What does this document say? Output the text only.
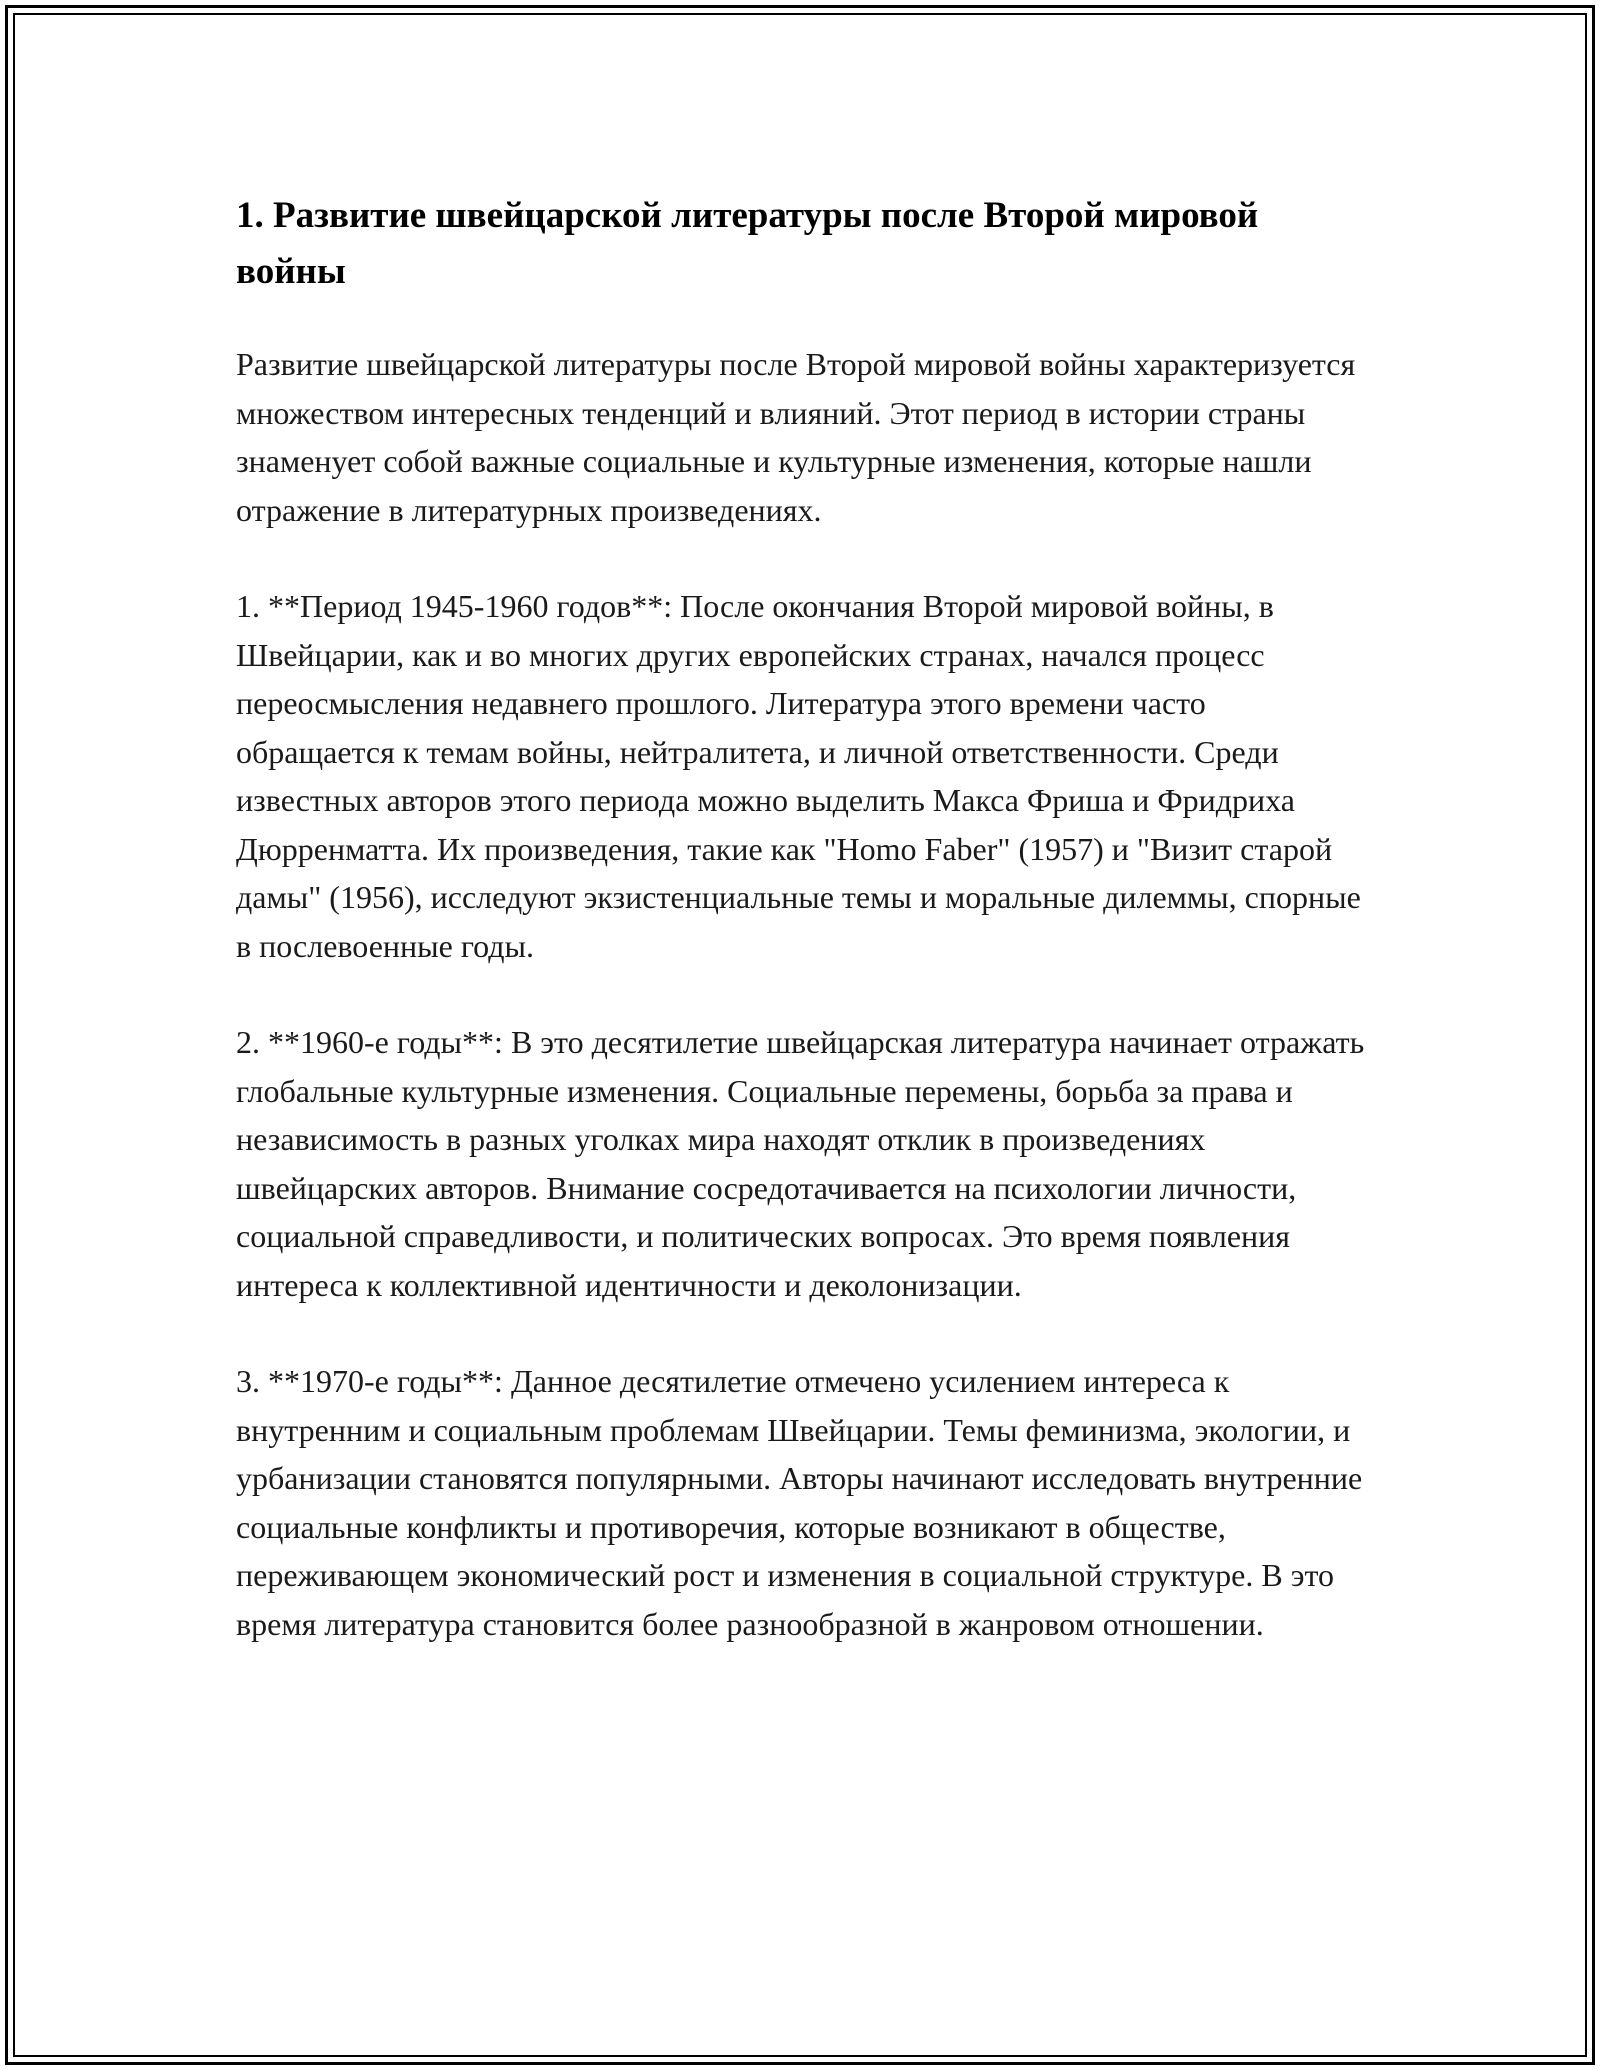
1. Развитие швейцарской литературы после Второй мировой войны

Развитие швейцарской литературы после Второй мировой войны характеризуется множеством интересных тенденций и влияний. Этот период в истории страны знаменует собой важные социальные и культурные изменения, которые нашли отражение в литературных произведениях.

1. **Период 1945-1960 годов**: После окончания Второй мировой войны, в Швейцарии, как и во многих других европейских странах, начался процесс переосмысления недавнего прошлого. Литература этого времени часто обращается к темам войны, нейтралитета, и личной ответственности. Среди известных авторов этого периода можно выделить Макса Фриша и Фридриха Дюрренматта. Их произведения, такие как "Homo Faber" (1957) и "Визит старой дамы" (1956), исследуют экзистенциальные темы и моральные дилеммы, спорные в послевоенные годы.

2. **1960-е годы**: В это десятилетие швейцарская литература начинает отражать глобальные культурные изменения. Социальные перемены, борьба за права и независимость в разных уголках мира находят отклик в произведениях швейцарских авторов. Внимание сосредотачивается на психологии личности, социальной справедливости, и политических вопросах. Это время появления интереса к коллективной идентичности и деколонизации.

3. **1970-е годы**: Данное десятилетие отмечено усилением интереса к внутренним и социальным проблемам Швейцарии. Темы феминизма, экологии, и урбанизации становятся популярными. Авторы начинают исследовать внутренние социальные конфликты и противоречия, которые возникают в обществе, переживающем экономический рост и изменения в социальной структуре. В это время литература становится более разнообразной в жанровом отношении.
